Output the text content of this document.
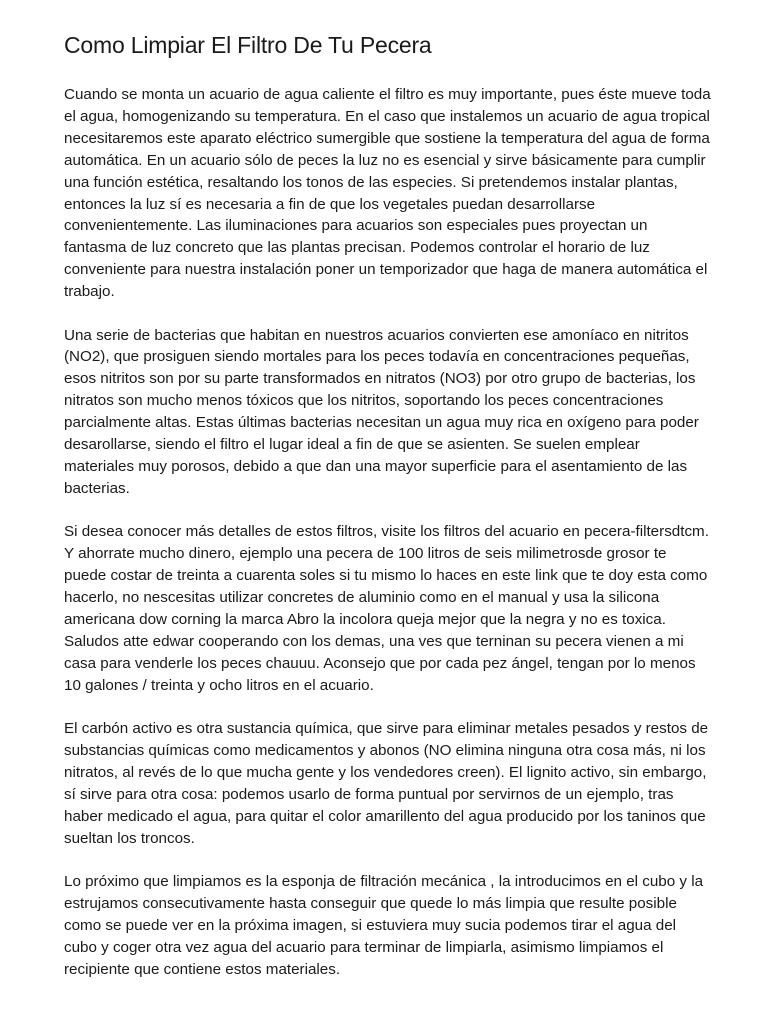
Como Limpiar El Filtro De Tu Pecera

Cuando se monta un acuario de agua caliente el filtro es muy importante, pues éste mueve toda el agua, homogenizando su temperatura. En el caso que instalemos un acuario de agua tropical necesitaremos este aparato eléctrico sumergible que sostiene la temperatura del agua de forma automática. En un acuario sólo de peces la luz no es esencial y sirve básicamente para cumplir una función estética, resaltando los tonos de las especies. Si pretendemos instalar plantas, entonces la luz sí es necesaria a fin de que los vegetales puedan desarrollarse convenientemente. Las iluminaciones para acuarios son especiales pues proyectan un fantasma de luz concreto que las plantas precisan. Podemos controlar el horario de luz conveniente para nuestra instalación poner un temporizador que haga de manera automática el trabajo.

Una serie de bacterias que habitan en nuestros acuarios convierten ese amoníaco en nitritos (NO2), que prosiguen siendo mortales para los peces todavía en concentraciones pequeñas, esos nitritos son por su parte transformados en nitratos (NO3) por otro grupo de bacterias, los nitratos son mucho menos tóxicos que los nitritos, soportando los peces concentraciones parcialmente altas. Estas últimas bacterias necesitan un agua muy rica en oxígeno para poder desarollarse, siendo el filtro el lugar ideal a fin de que se asienten. Se suelen emplear materiales muy porosos, debido a que dan una mayor superficie para el asentamiento de las bacterias.

Si desea conocer más detalles de estos filtros, visite los filtros del acuario en pecera-filtersdtcm. Y ahorrate mucho dinero, ejemplo una pecera de 100 litros de seis milimetrosde grosor te puede costar de treinta a cuarenta soles si tu mismo lo haces en este link que te doy esta como hacerlo, no nescesitas utilizar concretes de aluminio como en el manual y usa la silicona americana dow corning la marca Abro la incolora queja mejor que la negra y no es toxica. Saludos atte edwar cooperando con los demas, una ves que terninan su pecera vienen a mi casa para venderle los peces chauuu. Aconsejo que por cada pez ángel, tengan por lo menos 10 galones / treinta y ocho litros en el acuario.

El carbón activo es otra sustancia química, que sirve para eliminar metales pesados y restos de substancias químicas como medicamentos y abonos (NO elimina ninguna otra cosa más, ni los nitratos, al revés de lo que mucha gente y los vendedores creen). El lignito activo, sin embargo, sí sirve para otra cosa: podemos usarlo de forma puntual por servirnos de un ejemplo, tras haber medicado el agua, para quitar el color amarillento del agua producido por los taninos que sueltan los troncos.

Lo próximo que limpiamos es la esponja de filtración mecánica , la introducimos en el cubo y la estrujamos consecutivamente hasta conseguir que quede lo más limpia que resulte posible como se puede ver en la próxima imagen, si estuviera muy sucia podemos tirar el agua del cubo y coger otra vez agua del acuario para terminar de limpiarla, asimismo limpiamos el recipiente que contiene estos materiales.
